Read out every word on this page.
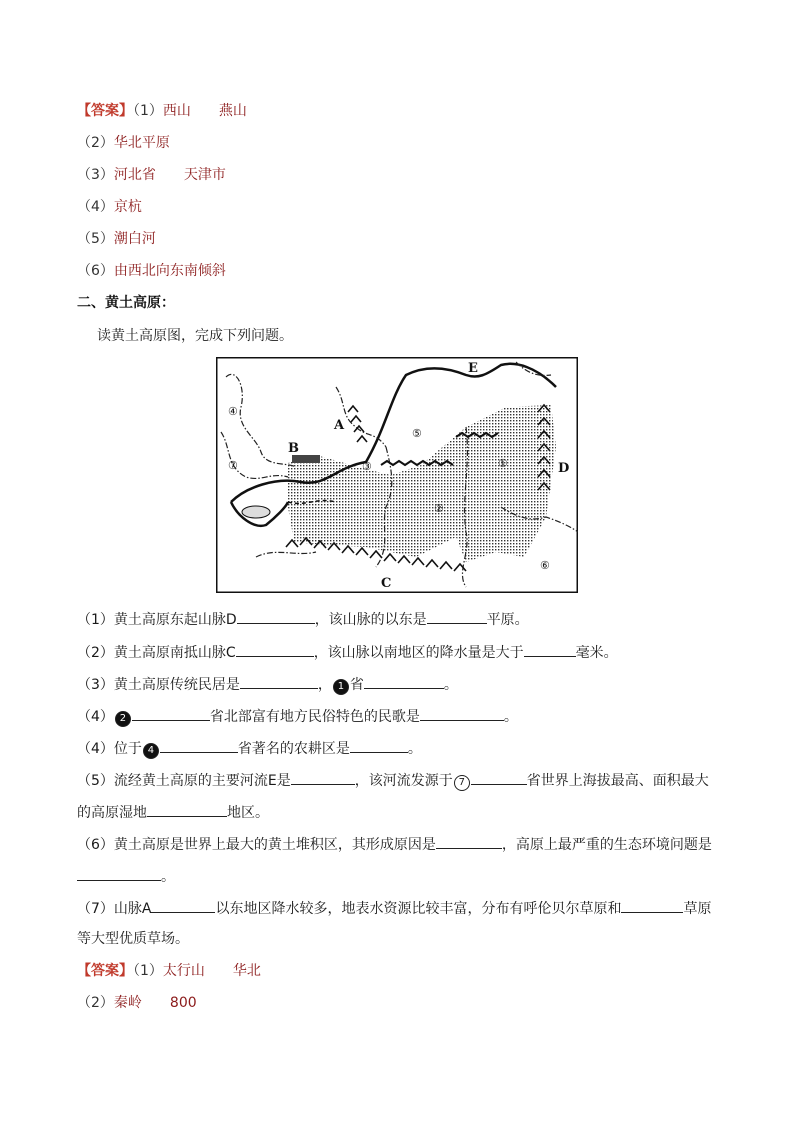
【答案】（1）西山 燕山
（2）华北平原
（3）河北省 天津市
（4）京杭
（5）潮白河
（6）由西北向东南倾斜
二、黄土高原：
读黄土高原图，完成下列问题。
A
B
C
D
E
①
②
③
④
⑤
⑥
⑦
（1）黄土高原东起山脉D	，该山脉的以东是	平原。
（2）黄土高原南抵山脉C	，该山脉以南地区的降水量是大于	毫米。
（3）黄土高原传统民居是	， 1 省	。
（4） 2	省北部富有地方民俗特色的民歌是	。
（4）位于 4	省著名的农耕区是	。
（5）流经黄土高原的主要河流E是	，该河流发源于 7	省世界上海拔最高、面积最大
的高原湿地	地区。
（6）黄土高原是世界上最大的黄土堆积区，其形成原因是	，高原上最严重的生态环境问题是
。
（7）山脉A	以东地区降水较多，地表水资源比较丰富，分布有呼伦贝尔草原和	草原
等大型优质草场。
【答案】（1）太行山 华北
（2）秦岭 800
